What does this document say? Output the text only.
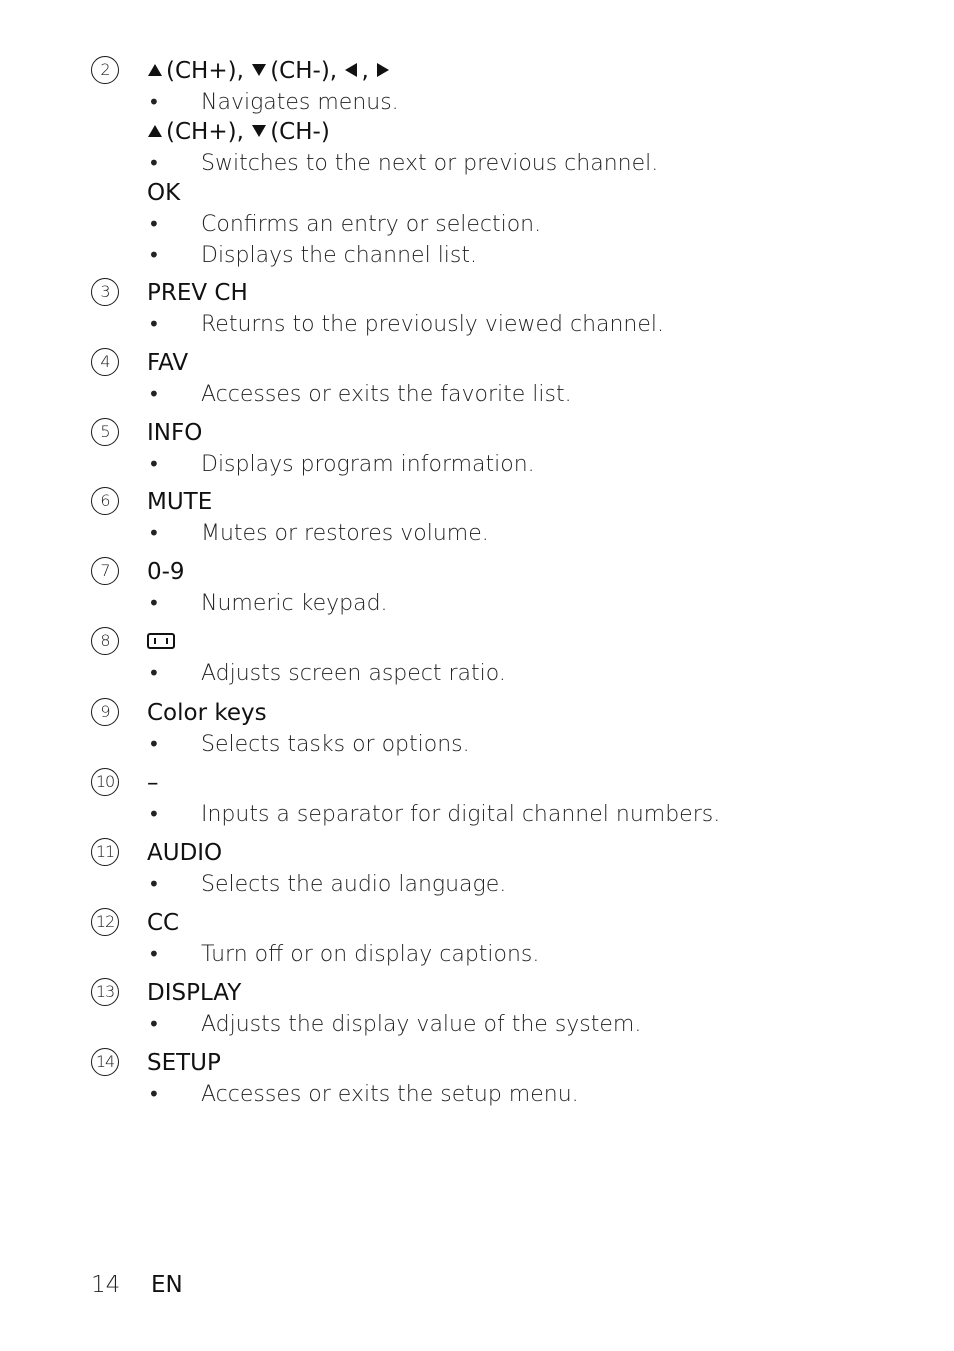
2	(CH+), (CH-), ,
• Navigates menus.
(CH+), (CH-)
• Switches to the next or previous channel.
OK
• Confirms an entry or selection.
• Displays the channel list.
3	PREV CH
• Returns to the previously viewed channel.
4	FAV
• Accesses or exits the favorite list.
5	INFO
• Displays program information.
6	MUTE
• Mutes or restores volume.
7	0-9
• Numeric keypad.
8
• Adjusts screen aspect ratio.
9	Color keys
• Selects tasks or options.
10 –
• Inputs a separator for digital channel numbers.
11 AUDIO
• Selects the audio language.
12 CC
• Turn off or on display captions.
13 DISPLAY
• Adjusts the display value of the system.
14 SETUP
• Accesses or exits the setup menu.
14 EN
